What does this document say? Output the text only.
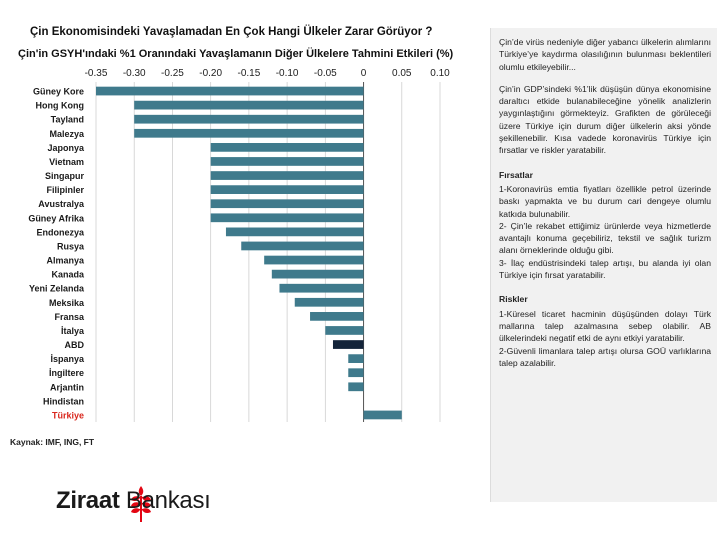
-0.35 -0.30 -0.25 -0.20 -0.15 -0.10 -0.05 0	0.05 0.10
Güney Kore
Hong Kong
Tayland
Malezya
Japonya
Vietnam
Singapur
Filipinler
Avustralya
Güney Afrika
Endonezya
Rusya
Almanya
Kanada
Yeni Zelanda
Meksika
Fransa
İtalya
ABD
İspanya
İngiltere
Arjantin
Hindistan
Türkiye
Çin Ekonomisindeki Yavaşlamadan En Çok Hangi Ülkeler Zarar Görüyor ?
Çin'in GSYH'ındaki %1 Oranındaki Yavaşlamanın Diğer Ülkelere Tahmini Etkileri (%)
Kaynak: IMF, ING, FT

Çin’de virüs nedeniyle diğer yabancı ülkelerin alımlarını Türkiye’ye kaydırma olasılığının bulunması beklentileri olumlu etkileyebilir...

Çin’in GDP’sindeki %1’lik düşüşün dünya ekonomisine daraltıcı etkide bulanabileceğine yönelik analizlerin yaygınlaştığını görmekteyiz. Grafikten de görüleceği üzere Türkiye için durum diğer ülkelerin aksi yönde şekillenebilir. Kısa vadede koronavirüs Türkiye için fırsatlar ve riskler yaratabilir.

Fırsatlar

1-Koronavirüs emtia fiyatları özellikle petrol üzerinde baskı yapmakta ve bu durum cari dengeye olumlu katkıda bulunabilir.

2- Çin’le rekabet ettiğimiz ürünlerde veya hizmetlerde avantajlı konuma geçebiliriz, tekstil ve sağlık turizm alanı örneklerinde olduğu gibi.

3- İlaç endüstrisindeki talep artışı, bu alanda iyi olan Türkiye için fırsat yaratabilir.

Riskler

1-Küresel ticaret hacminin düşüşünden dolayı Türk mallarına talep azalmasına sebep olabilir. AB ülkelerindeki negatif etki de aynı etkiyi yaratabilir.

2-Güvenli limanlara talep artışı olursa GOÜ varlıklarına talep azalabilir.

Ziraat Bankası
